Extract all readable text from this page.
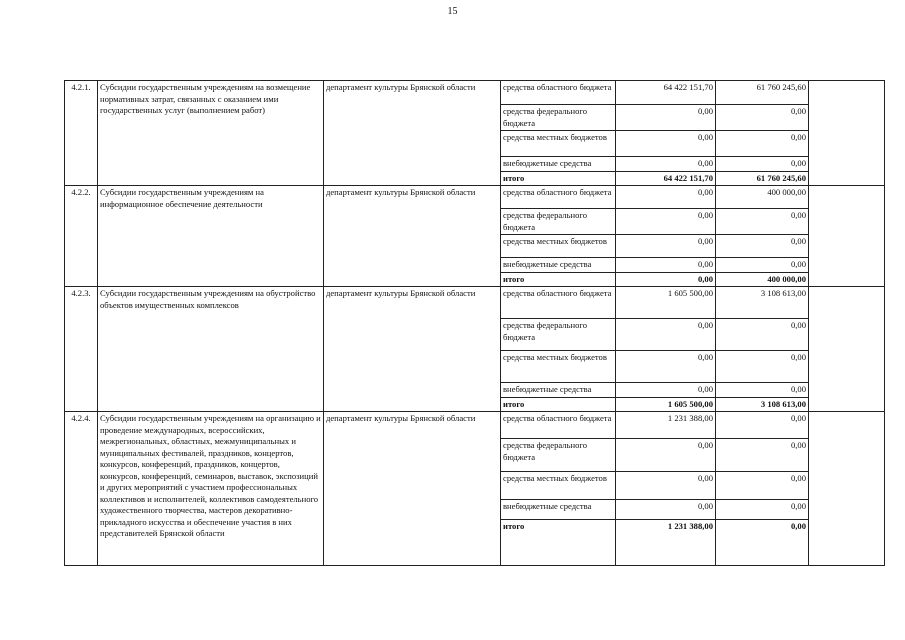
15
4.2.1.	Субсидии государственным учреждениям на возмещение нормативных затрат, связанных с оказанием ими государственных услуг (выполнением работ)	департамент культуры Брянской области	средства областного бюджета	64 422 151,70	61 760 245,60	
			средства федерального бюджета	0,00	0,00	
			средства местных бюджетов	0,00	0,00	
			внебюджетные средства	0,00	0,00	
			итого	64 422 151,70	61 760 245,60	
4.2.2.	Субсидии государственным учреждениям на информационное обеспечение деятельности	департамент культуры Брянской области	средства областного бюджета	0,00	400 000,00	
			средства федерального бюджета	0,00	0,00	
			средства местных бюджетов	0,00	0,00	
			внебюджетные средства	0,00	0,00	
			итого	0,00	400 000,00	
4.2.3.	Субсидии государственным учреждениям на обустройство объектов имущественных комплексов	департамент культуры Брянской области	средства областного бюджета	1 605 500,00	3 108 613,00	
			средства федерального бюджета	0,00	0,00	
			средства местных бюджетов	0,00	0,00	
			внебюджетные средства	0,00	0,00	
			итого	1 605 500,00	3 108 613,00	
4.2.4.	Субсидии государственным учреждениям на организацию и проведение международных, всероссийских, межрегиональных, областных, межмуниципальных и муниципальных фестивалей, праздников, концертов, конкурсов, конференций, праздников, концертов, конкурсов, конференций, семинаров, выставок, экспозиций и других мероприятий с участием профессиональных коллективов и исполнителей, коллективов самодеятельного художественного творчества, мастеров декоративно-прикладного искусства и обеспечение участия в них представителей Брянской области	департамент культуры Брянской области	средства областного бюджета	1 231 388,00	0,00	
			средства федерального бюджета	0,00	0,00	
			средства местных бюджетов	0,00	0,00	
			внебюджетные средства	0,00	0,00	
			итого	1 231 388,00	0,00	
